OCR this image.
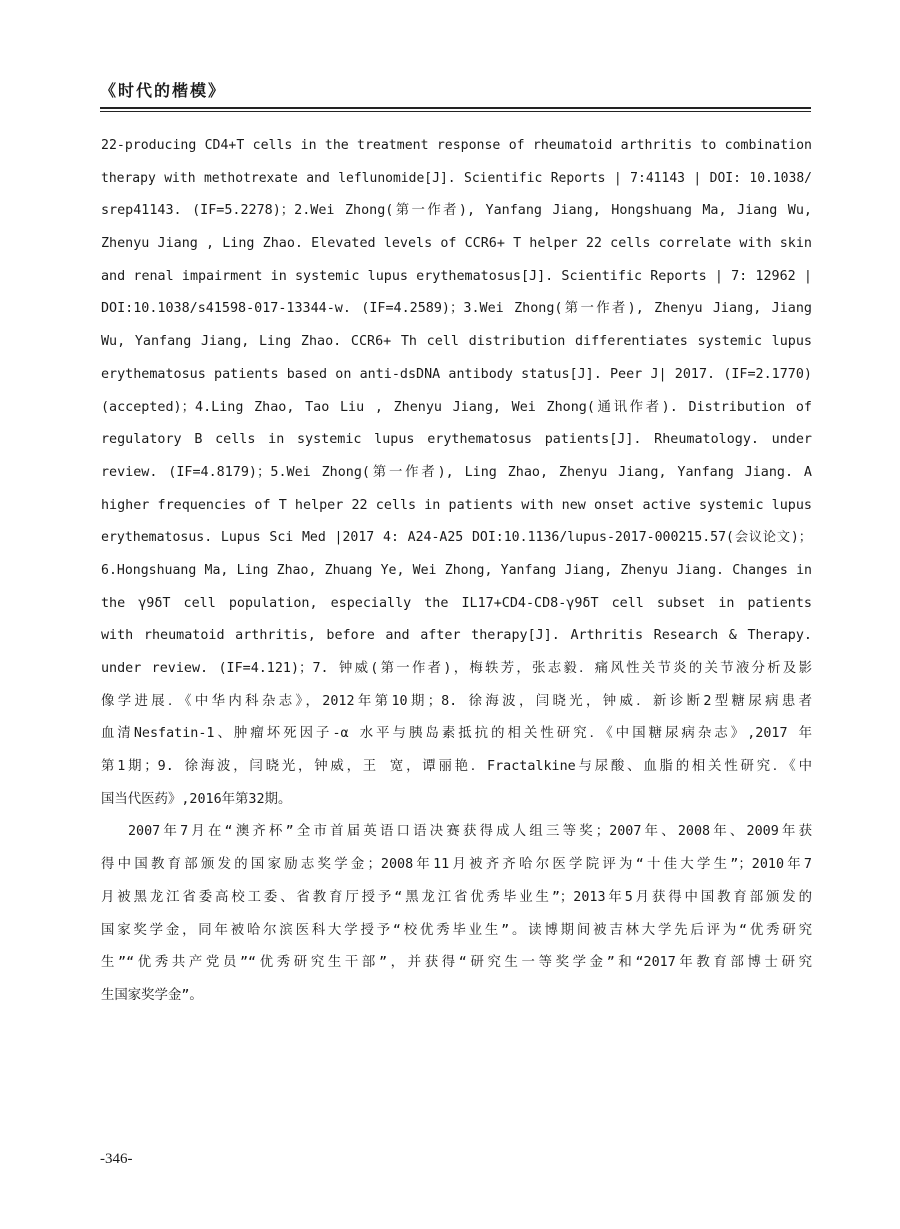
《时代的楷模》
22-producing CD4+T cells in the treatment response of rheumatoid arthritis to combination
therapy with methotrexate and leflunomide[J]. Scientific Reports | 7:41143 | DOI: 10.1038/
srep41143. (IF=5.2278)；2.Wei Zhong(第一作者), Yanfang Jiang, Hongshuang Ma, Jiang Wu,
Zhenyu Jiang , Ling Zhao. Elevated levels of CCR6+ T helper 22 cells correlate with skin
and renal impairment in systemic lupus erythematosus[J]. Scientific Reports | 7: 12962 |
DOI:10.1038/s41598-017-13344-w. (IF=4.2589)；3.Wei Zhong(第一作者), Zhenyu Jiang, Jiang
Wu, Yanfang Jiang, Ling Zhao. CCR6+ Th cell distribution differentiates systemic lupus
erythematosus patients based on anti-dsDNA antibody status[J]. Peer J| 2017. (IF=2.1770)
(accepted)；4.Ling Zhao, Tao Liu , Zhenyu Jiang, Wei Zhong(通讯作者). Distribution of
regulatory B cells in systemic lupus erythematosus patients[J]. Rheumatology. under
review. (IF=4.8179)；5.Wei Zhong(第一作者), Ling Zhao, Zhenyu Jiang, Yanfang Jiang. A
higher frequencies of T helper 22 cells in patients with new onset active systemic lupus
erythematosus. Lupus Sci Med |2017 4: A24-A25 DOI:10.1136/lupus-2017-000215.57(会议论文)；
6.Hongshuang Ma, Ling Zhao, Zhuang Ye, Wei Zhong, Yanfang Jiang, Zhenyu Jiang. Changes in
the γ9δT cell population, especially the IL17+CD4-CD8-γ9δT cell subset in patients
with rheumatoid arthritis, before and after therapy[J]. Arthritis Research & Therapy.
under review. (IF=4.121)；7. 钟威(第一作者)，梅轶芳，张志毅．痛风性关节炎的关节液分析及影
像学进展．《中华内科杂志》，2012年第10期；8. 徐海波，闫晓光，钟威．新诊断2型糖尿病患者
血清Nesfatin-1、肿瘤坏死因子-α 水平与胰岛素抵抗的相关性研究．《中国糖尿病杂志》,2017 年
第1期；9. 徐海波，闫晓光，钟威，王 宽，谭丽艳．Fractalkine与尿酸、血脂的相关性研究．《中
国当代医药》,2016年第32期。
2007年7月在“澳齐杯”全市首届英语口语决赛获得成人组三等奖；2007年、2008年、2009年获
得中国教育部颁发的国家励志奖学金；2008年11月被齐齐哈尔医学院评为“十佳大学生”；2010年7
月被黑龙江省委高校工委、省教育厅授予“黑龙江省优秀毕业生”；2013年5月获得中国教育部颁发的
国家奖学金，同年被哈尔滨医科大学授予“校优秀毕业生”。读博期间被吉林大学先后评为“优秀研究
生”“优秀共产党员”“优秀研究生干部”，并获得“研究生一等奖学金”和“2017年教育部博士研究
生国家奖学金”。
-346-
